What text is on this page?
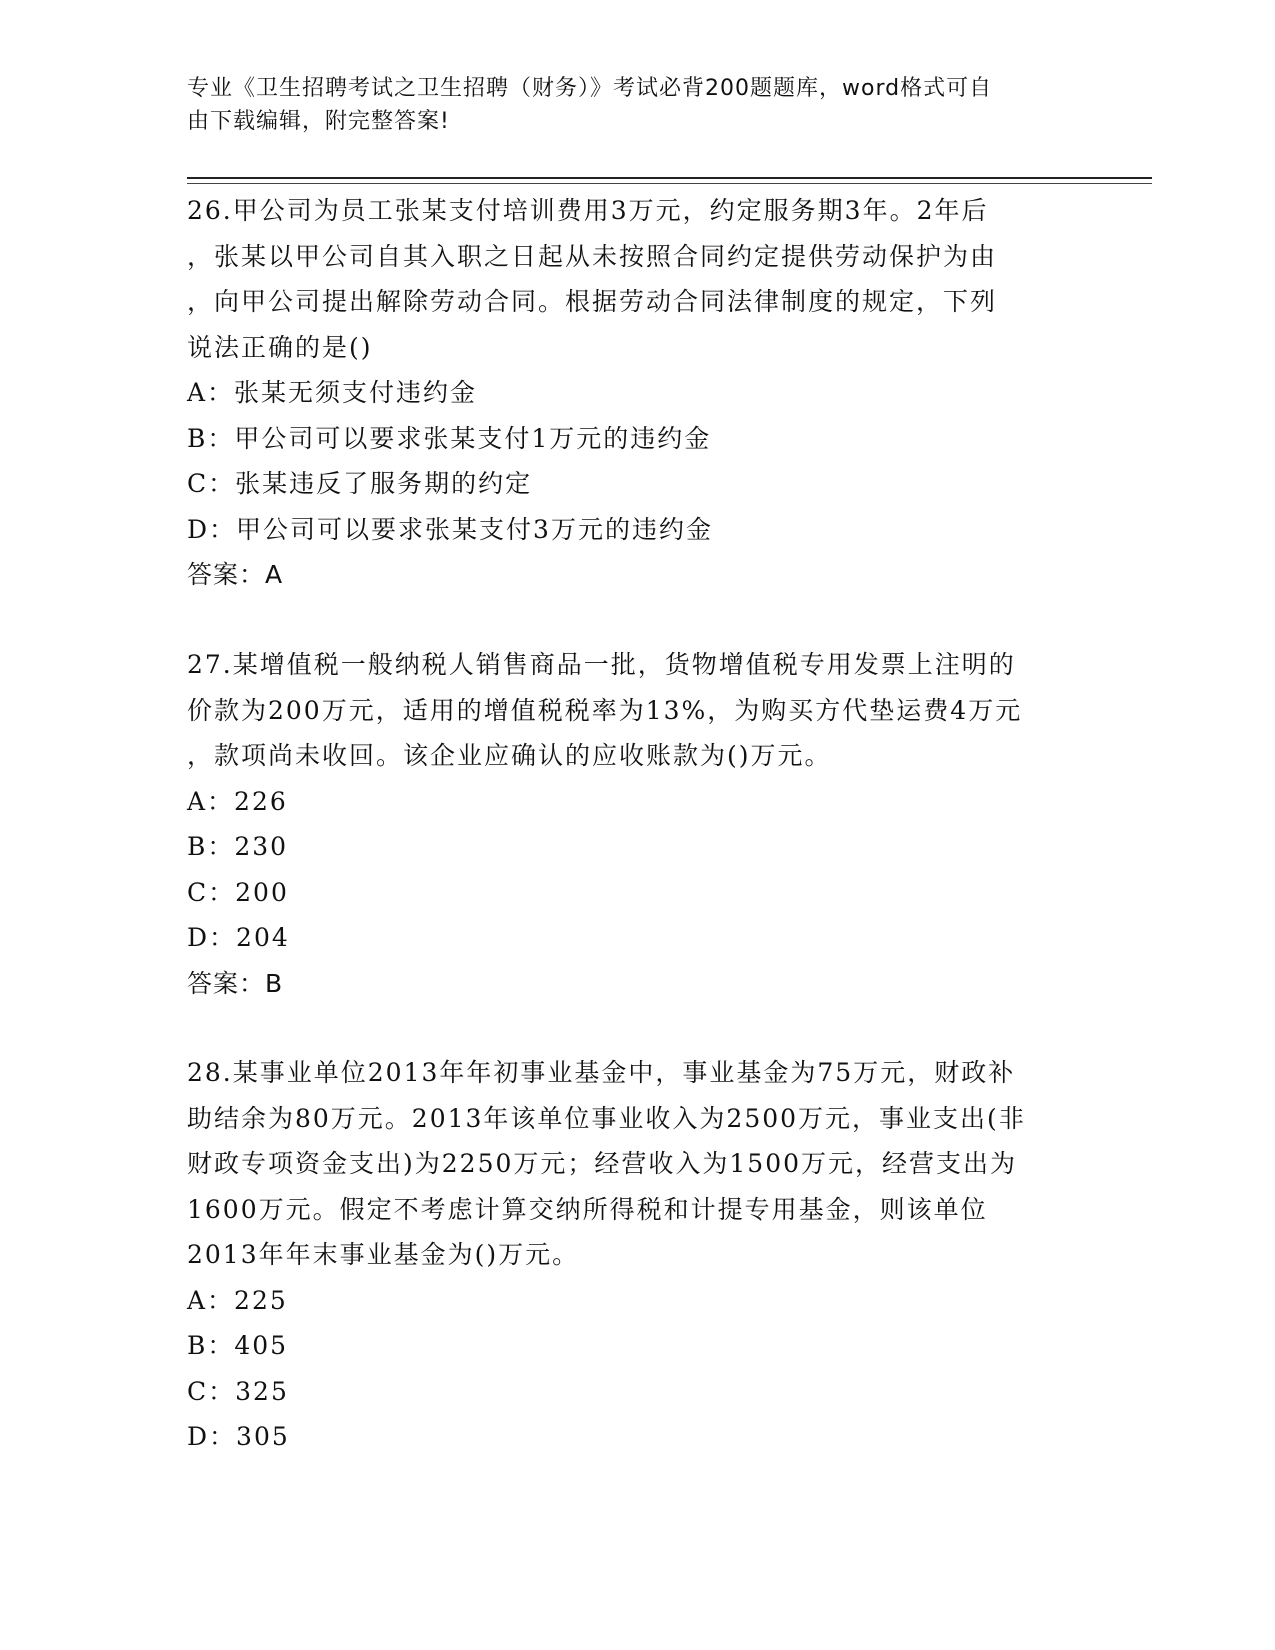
专业《卫生招聘考试之卫生招聘（财务）》考试必背200题题库，word格式可自
由下载编辑，附完整答案!

26.甲公司为员工张某支付培训费用3万元，约定服务期3年。2年后

，张某以甲公司自其入职之日起从未按照合同约定提供劳动保护为由

，向甲公司提出解除劳动合同。根据劳动合同法律制度的规定，下列

说法正确的是()

A：张某无须支付违约金

B：甲公司可以要求张某支付1万元的违约金

C：张某违反了服务期的约定

D：甲公司可以要求张某支付3万元的违约金

答案：A

27.某增值税一般纳税人销售商品一批，货物增值税专用发票上注明的

价款为200万元，适用的增值税税率为13%，为购买方代垫运费4万元

，款项尚未收回。该企业应确认的应收账款为()万元。

A：226

B：230

C：200

D：204

答案：B

28.某事业单位2013年年初事业基金中，事业基金为75万元，财政补

助结余为80万元。2013年该单位事业收入为2500万元，事业支出(非

财政专项资金支出)为2250万元；经营收入为1500万元，经营支出为

1600万元。假定不考虑计算交纳所得税和计提专用基金，则该单位

2013年年末事业基金为()万元。

A：225

B：405

C：325

D：305
